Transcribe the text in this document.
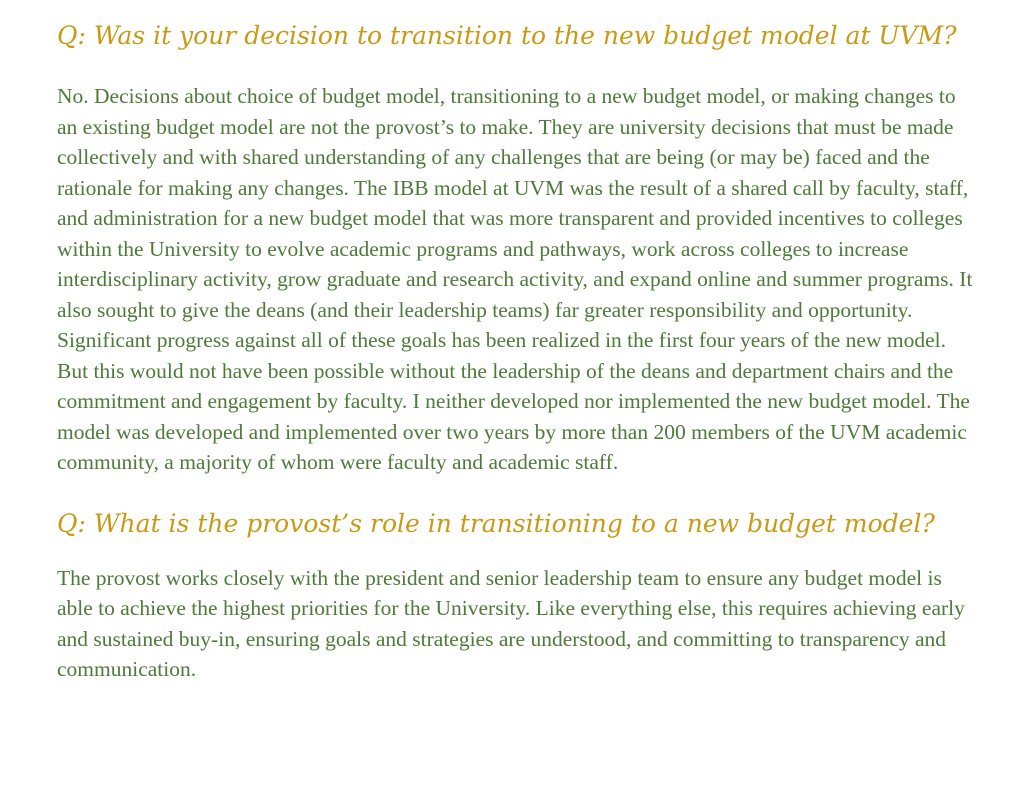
Q: Was it your decision to transition to the new budget model at UVM?

No. Decisions about choice of budget model, transitioning to a new budget model, or making changes to an existing budget model are not the provost’s to make. They are university decisions that must be made collectively and with shared understanding of any challenges that are being (or may be) faced and the rationale for making any changes. The IBB model at UVM was the result of a shared call by faculty, staff, and administration for a new budget model that was more transparent and provided incentives to colleges within the University to evolve academic programs and pathways, work across colleges to increase interdisciplinary activity, grow graduate and research activity, and expand online and summer programs. It also sought to give the deans (and their leadership teams) far greater responsibility and opportunity. Significant progress against all of these goals has been realized in the first four years of the new model. But this would not have been possible without the leadership of the deans and department chairs and the commitment and engagement by faculty. I neither developed nor implemented the new budget model. The model was developed and implemented over two years by more than 200 members of the UVM academic community, a majority of whom were faculty and academic staff.

Q: What is the provost’s role in transitioning to a new budget model?

The provost works closely with the president and senior leadership team to ensure any budget model is able to achieve the highest priorities for the University. Like everything else, this requires achieving early and sustained buy-in, ensuring goals and strategies are understood, and committing to transparency and communication.
